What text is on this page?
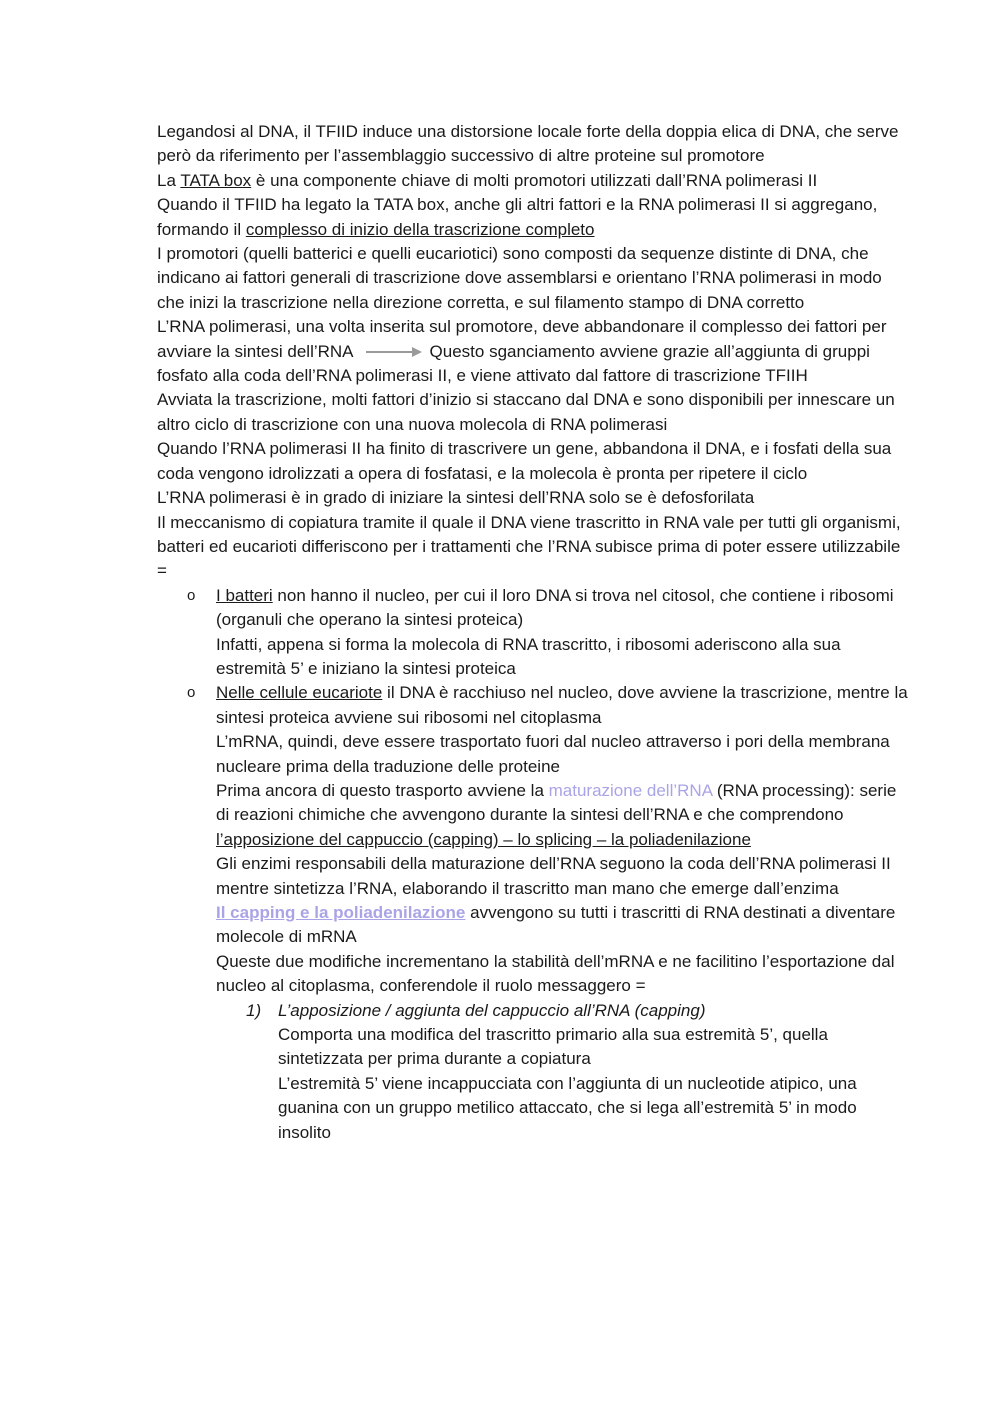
Legandosi al DNA, il TFIID induce una distorsione locale forte della doppia elica di DNA, che serve però da riferimento per l’assemblaggio successivo di altre proteine sul promotore

La TATA box è una componente chiave di molti promotori utilizzati dall’RNA polimerasi II

Quando il TFIID ha legato la TATA box, anche gli altri fattori e la RNA polimerasi II si aggregano, formando il complesso di inizio della trascrizione completo

I promotori (quelli batterici e quelli eucariotici) sono composti da sequenze distinte di DNA, che indicano ai fattori generali di trascrizione dove assemblarsi e orientano l’RNA polimerasi in modo che inizi la trascrizione nella direzione corretta, e sul filamento stampo di DNA corretto

L’RNA polimerasi, una volta inserita sul promotore, deve abbandonare il complesso dei fattori per avviare la sintesi dell’RNA	Questo sganciamento avviene grazie all’aggiunta di gruppi fosfato alla coda dell’RNA polimerasi II, e viene attivato dal fattore di trascrizione TFIIH

Avviata la trascrizione, molti fattori d’inizio si staccano dal DNA e sono disponibili per innescare un altro ciclo di trascrizione con una nuova molecola di RNA polimerasi

Quando l’RNA polimerasi II ha finito di trascrivere un gene, abbandona il DNA, e i fosfati della sua coda vengono idrolizzati a opera di fosfatasi, e la molecola è pronta per ripetere il ciclo

L’RNA polimerasi è in grado di iniziare la sintesi dell’RNA solo se è defosforilata

Il meccanismo di copiatura tramite il quale il DNA viene trascritto in RNA vale per tutti gli organismi, batteri ed eucarioti differiscono per i trattamenti che l’RNA subisce prima di poter essere utilizzabile =

o I batteri non hanno il nucleo, per cui il loro DNA si trova nel citosol, che contiene i ribosomi (organuli che operano la sintesi proteica)
Infatti, appena si forma la molecola di RNA trascritto, i ribosomi aderiscono alla sua estremità 5’ e iniziano la sintesi proteica
o Nelle cellule eucariote il DNA è racchiuso nel nucleo, dove avviene la trascrizione, mentre la sintesi proteica avviene sui ribosomi nel citoplasma
L’mRNA, quindi, deve essere trasportato fuori dal nucleo attraverso i pori della membrana nucleare prima della traduzione delle proteine
Prima ancora di questo trasporto avviene la maturazione dell’RNA (RNA processing): serie di reazioni chimiche che avvengono durante la sintesi dell’RNA e che comprendono l’apposizione del cappuccio (capping) – lo splicing – la poliadenilazione
Gli enzimi responsabili della maturazione dell’RNA seguono la coda dell’RNA polimerasi II mentre sintetizza l’RNA, elaborando il trascritto man mano che emerge dall’enzima
Il capping e la poliadenilazione avvengono su tutti i trascritti di RNA destinati a diventare molecole di mRNA
Queste due modifiche incrementano la stabilità dell’mRNA e ne facilitino l’esportazione dal nucleo al citoplasma, conferendole il ruolo messaggero =
1) L’apposizione / aggiunta del cappuccio all’RNA (capping)
Comporta una modifica del trascritto primario alla sua estremità 5’, quella sintetizzata per prima durante a copiatura
L’estremità 5’ viene incappucciata con l’aggiunta di un nucleotide atipico, una guanina con un gruppo metilico attaccato, che si lega all’estremità 5’ in modo insolito
